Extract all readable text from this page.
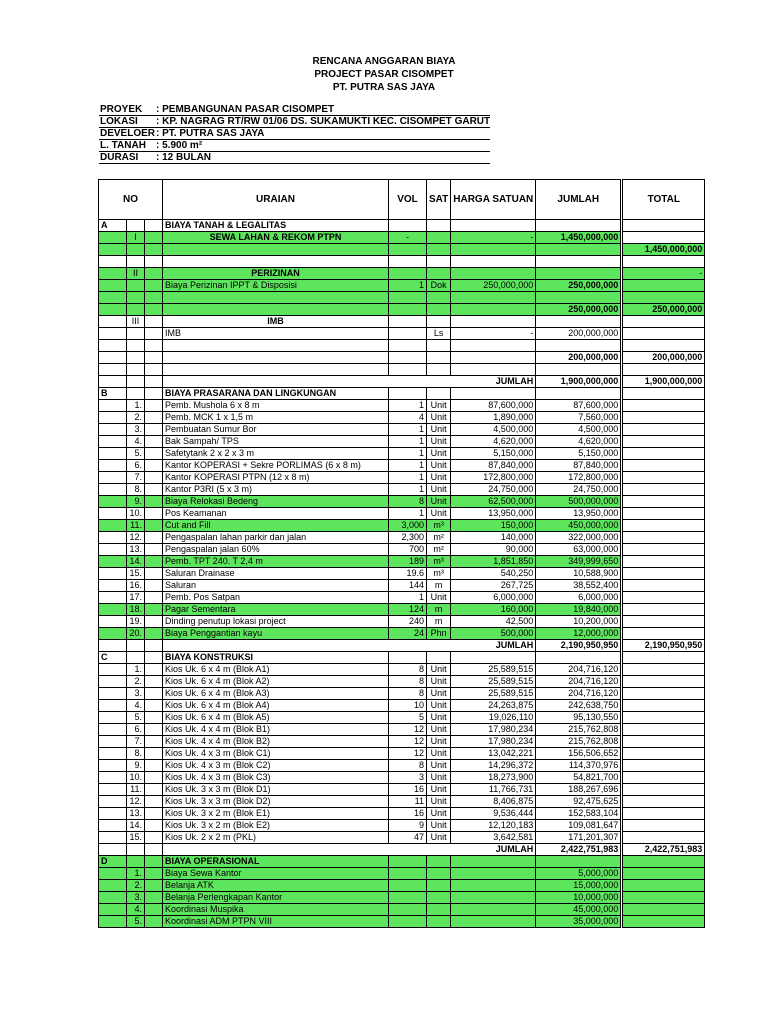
RENCANA ANGGARAN BIAYA
PROJECT PASAR CISOMPET
PT. PUTRA SAS JAYA
PROYEK	: PEMBANGUNAN PASAR CISOMPET
LOKASI	: KP. NAGRAG RT/RW 01/06 DS. SUKAMUKTI KEC. CISOMPET GARUT
DEVELOER	: PT. PUTRA SAS JAYA
L. TANAH	: 5.900 m²
DURASI	: 12 BULAN
NO			URAIAN	VOL	SAT	HARGA SATUAN	JUMLAH		TOTAL
A			BIAYA TANAH & LEGALITAS						
	I		SEWA LAHAN & REKOM PTPN	-		-	1,450,000,000		
									1,450,000,000

	II		PERIZINAN						-
			Biaya Perizinan IPPT & Disposisi	1	Dok	250,000,000	250,000,000		

							250,000,000		250,000,000
	III		IMB						
			IMB		Ls	-	200,000,000		

							200,000,000		200,000,000

			JUMLAH				1,900,000,000		1,900,000,000
B			BIAYA PRASARANA DAN LINGKUNGAN						
	1.		Pemb. Mushola 6 x 8 m	1	Unit	87,600,000	87,600,000		
	2.		Pemb. MCK 1 x 1,5 m	4	Unit	1,890,000	7,560,000		
	3.		Pembuatan Sumur Bor	1	Unit	4,500,000	4,500,000		
	4.		Bak Sampah/ TPS	1	Unit	4,620,000	4,620,000		
	5.		Safetytank 2 x 2 x 3 m	1	Unit	5,150,000	5,150,000		
	6.		Kantor KOPERASI + Sekre PORLIMAS (6 x 8 m)	1	Unit	87,840,000	87,840,000		
	7.		Kantor KOPERASI PTPN (12 x 8 m)	1	Unit	172,800,000	172,800,000		
	8.		Kantor P3RI (5 x 3 m)	1	Unit	24,750,000	24,750,000		
	9.		Biaya Relokasi Bedeng	8	Unit	62,500,000	500,000,000		
	10.		Pos Keamanan	1	Unit	13,950,000	13,950,000		
	11.		Cut and Fill	3,000	m³	150,000	450,000,000		
	12.		Pengaspalan lahan parkir dan jalan	2,300	m²	140,000	322,000,000		
	13.		Pengaspalan jalan 60%	700	m²	90,000	63,000,000		
	14.		Pemb. TPT 240. T 2,4 m	189	m³	1,851,850	349,999,650		
	15.		Saluran Drainase	19.6	m³	540,250	10,588,900		
	16.		Saluran	144	m	267,725	38,552,400		
	17.		Pemb. Pos Satpan	1	Unit	6,000,000	6,000,000		
	18.		Pagar Sementara	124	m	160,000	19,840,000		
	19.		Dinding penutup lokasi project	240	m	42,500	10,200,000		
	20.		Biaya Penggantian kayu	24	Phn	500,000	12,000,000		
			JUMLAH				2,190,950,950		2,190,950,950
C			BIAYA KONSTRUKSI						
	1.		Kios Uk. 6 x 4 m (Blok A1)	8	Unit	25,589,515	204,716,120		
	2.		Kios Uk. 6 x 4 m (Blok A2)	8	Unit	25,589,515	204,716,120		
	3.		Kios Uk. 6 x 4 m (Blok A3)	8	Unit	25,589,515	204,716,120		
	4.		Kios Uk. 6 x 4 m (Blok A4)	10	Unit	24,263,875	242,638,750		
	5.		Kios Uk. 6 x 4 m (Blok A5)	5	Unit	19,026,110	95,130,550		
	6.		Kios Uk. 4 x 4 m (Blok B1)	12	Unit	17,980,234	215,762,808		
	7.		Kios Uk. 4 x 4 m (Blok B2)	12	Unit	17,980,234	215,762,808		
	8.		Kios Uk. 4 x 3 m (Blok C1)	12	Unit	13,042,221	156,506,652		
	9.		Kios Uk. 4 x 3 m (Blok C2)	8	Unit	14,296,372	114,370,976		
	10.		Kios Uk. 4 x 3 m (Blok C3)	3	Unit	18,273,900	54,821,700		
	11.		Kios Uk. 3 x 3 m (Blok D1)	16	Unit	11,766,731	188,267,696		
	12.		Kios Uk. 3 x 3 m (Blok D2)	11	Unit	8,406,875	92,475,625		
	13.		Kios Uk. 3 x 2 m (Blok E1)	16	Unit	9,536,444	152,583,104		
	14.		Kios Uk. 3 x 2 m (Blok E2)	9	Unit	12,120,183	109,081,647		
	15.		Kios Uk. 2 x 2 m (PKL)	47	Unit	3,642,581	171,201,307		
			JUMLAH				2,422,751,983		2,422,751,983
D			BIAYA OPERASIONAL						
	1.		Biaya Sewa Kantor				5,000,000		
	2.		Belanja ATK				15,000,000		
	3.		Belanja Perlengkapan Kantor				10,000,000		
	4.		Koordinasi Muspika				45,000,000		
	5.		Koordinasi ADM PTPN VIII				35,000,000		
